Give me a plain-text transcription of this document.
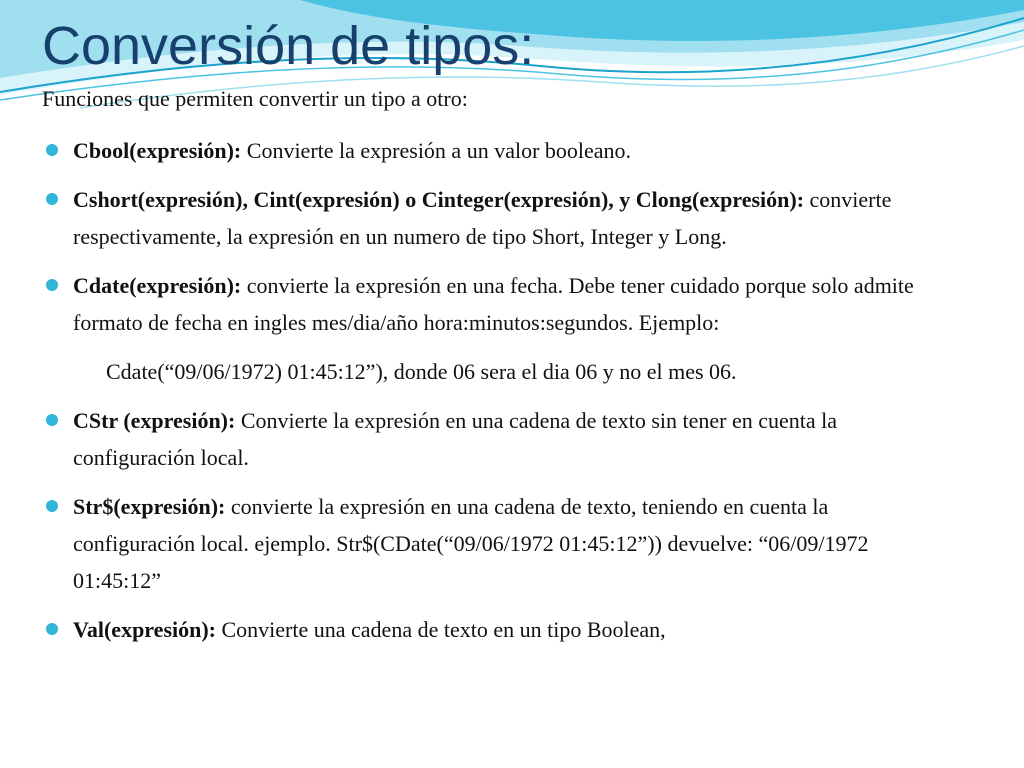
Conversión de tipos:

Funciones que permiten convertir un tipo a otro:

Cbool(expresión): Convierte la expresión a un valor booleano.
Cshort(expresión), Cint(expresión) o Cinteger(expresión), y Clong(expresión): convierte respectivamente, la expresión en un numero de tipo Short, Integer y Long.
Cdate(expresión): convierte la expresión en una fecha. Debe tener cuidado porque solo admite formato de fecha en ingles mes/dia/año hora:minutos:segundos. Ejemplo:
Cdate(“09/06/1972) 01:45:12”), donde 06 sera el dia 06 y no el mes 06.
CStr (expresión): Convierte la expresión en una cadena de texto sin tener en cuenta la configuración local.
Str$(expresión): convierte la expresión en una cadena de texto, teniendo en cuenta la configuración local. ejemplo. Str$(CDate(“09/06/1972 01:45:12”)) devuelve: “06/09/1972 01:45:12”
Val(expresión): Convierte una cadena de texto en un tipo Boolean,
